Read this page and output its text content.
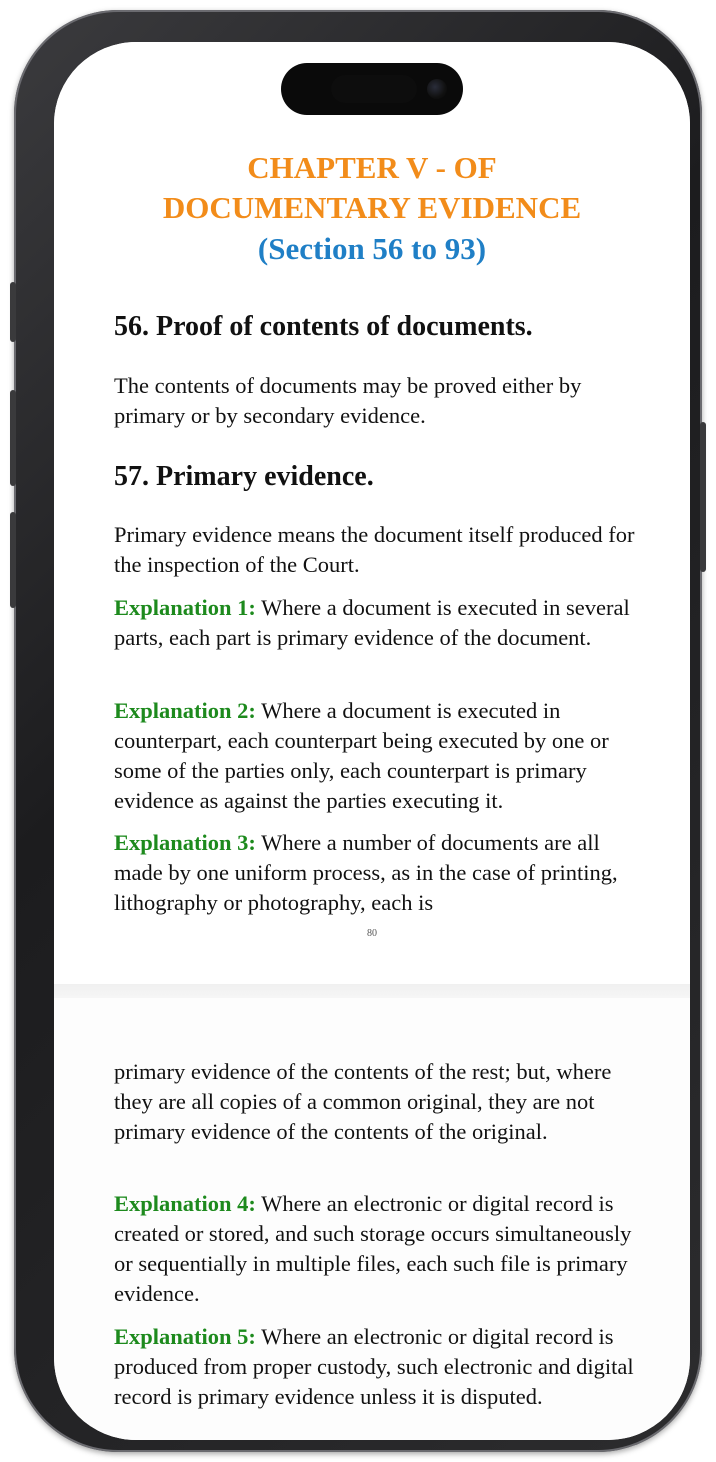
CHAPTER V - OF
DOCUMENTARY EVIDENCE
(Section 56 to 93)
56. Proof of contents of documents.
The contents of documents may be proved either by primary or by secondary evidence.
57. Primary evidence.
Primary evidence means the document itself produced for the inspection of the Court.
Explanation 1: Where a document is executed in several parts, each part is primary evidence of the document.
Explanation 2: Where a document is executed in counterpart, each counterpart being executed by one or some of the parties only, each counterpart is primary evidence as against the parties executing it.
Explanation 3: Where a number of documents are all made by one uniform process, as in the case of printing, lithography or photography, each is
80
primary evidence of the contents of the rest; but, where they are all copies of a common original, they are not primary evidence of the contents of the original.
Explanation 4: Where an electronic or digital record is created or stored, and such storage occurs simultaneously or sequentially in multiple files, each such file is primary evidence.
Explanation 5: Where an electronic or digital record is produced from proper custody, such electronic and digital record is primary evidence unless it is disputed.
